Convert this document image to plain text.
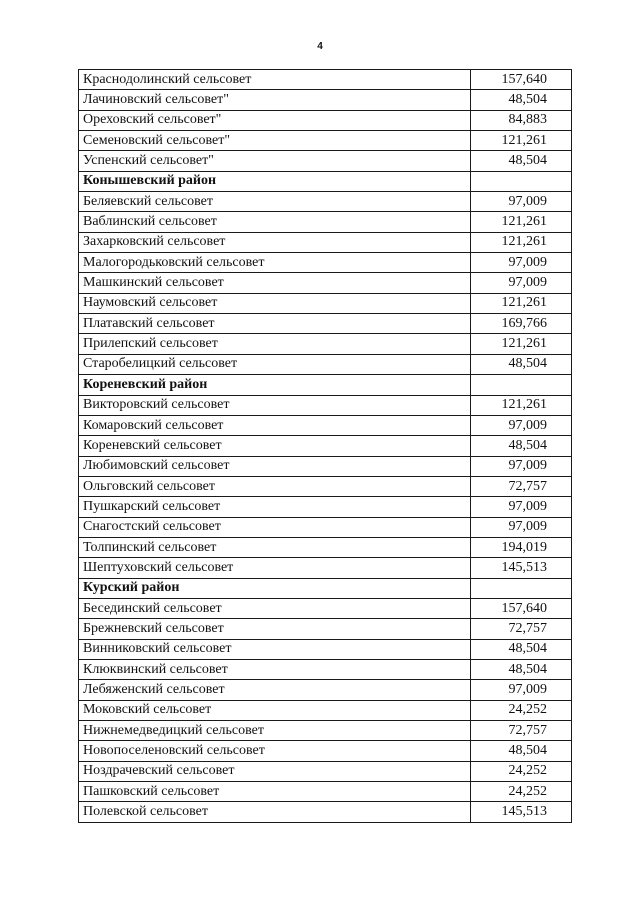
4
Краснодолинский сельсовет	157,640
Лачиновский сельсовет"	48,504
Ореховский сельсовет"	84,883
Семеновский сельсовет"	121,261
Успенский сельсовет"	48,504
Конышевский район	
Беляевский сельсовет	97,009
Ваблинский сельсовет	121,261
Захарковский сельсовет	121,261
Малогородьковский сельсовет	97,009
Машкинский сельсовет	97,009
Наумовский сельсовет	121,261
Платавский сельсовет	169,766
Прилепский сельсовет	121,261
Старобелицкий сельсовет	48,504
Кореневский район	
Викторовский сельсовет	121,261
Комаровский сельсовет	97,009
Кореневский сельсовет	48,504
Любимовский сельсовет	97,009
Ольговский сельсовет	72,757
Пушкарский сельсовет	97,009
Снагостский сельсовет	97,009
Толпинский сельсовет	194,019
Шептуховский сельсовет	145,513
Курский район	
Бесединский сельсовет	157,640
Брежневский сельсовет	72,757
Винниковский сельсовет	48,504
Клюквинский сельсовет	48,504
Лебяженский сельсовет	97,009
Моковский сельсовет	24,252
Нижнемедведицкий сельсовет	72,757
Новопоселеновский сельсовет	48,504
Ноздрачевский сельсовет	24,252
Пашковский сельсовет	24,252
Полевской сельсовет	145,513
